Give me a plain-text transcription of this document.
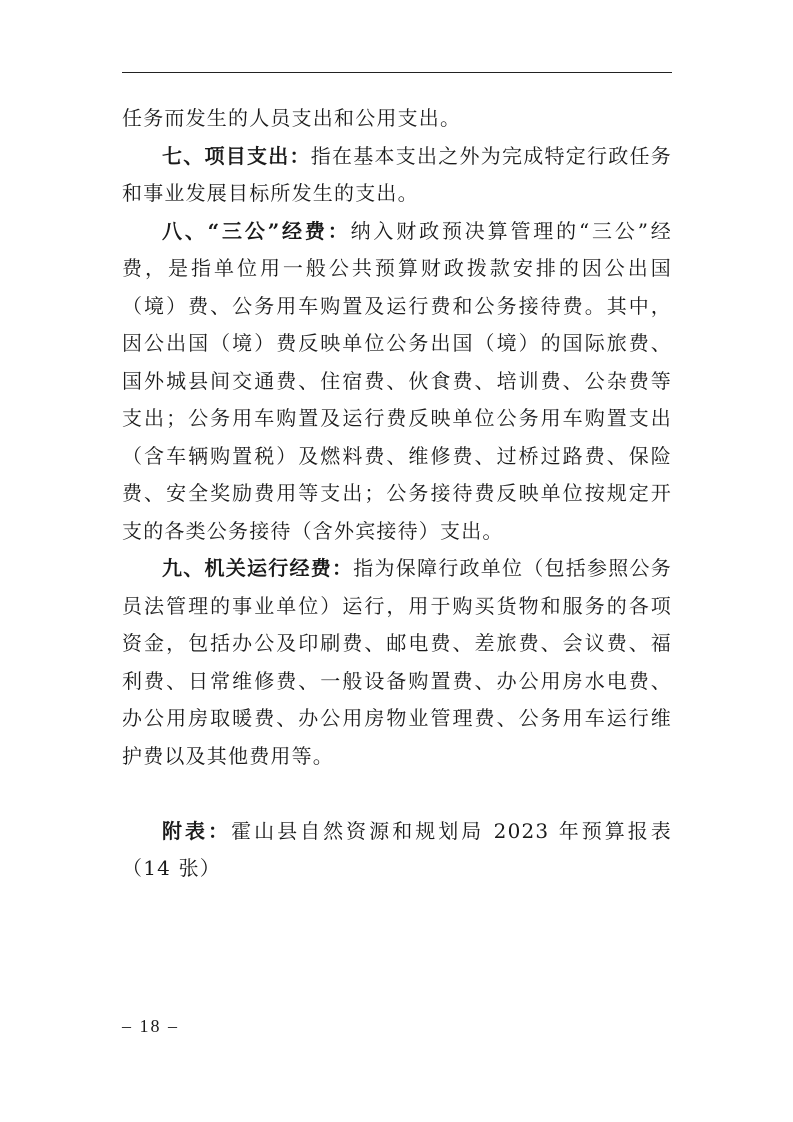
任务而发生的人员支出和公用支出。

七、项目支出：指在基本支出之外为完成特定行政任务和事业发展目标所发生的支出。

八、“三公”经费：纳入财政预决算管理的“三公”经费，是指单位用一般公共预算财政拨款安排的因公出国（境）费、公务用车购置及运行费和公务接待费。其中，因公出国（境）费反映单位公务出国（境）的国际旅费、国外城县间交通费、住宿费、伙食费、培训费、公杂费等支出；公务用车购置及运行费反映单位公务用车购置支出（含车辆购置税）及燃料费、维修费、过桥过路费、保险费、安全奖励费用等支出；公务接待费反映单位按规定开支的各类公务接待（含外宾接待）支出。

九、机关运行经费：指为保障行政单位（包括参照公务员法管理的事业单位）运行，用于购买货物和服务的各项资金，包括办公及印刷费、邮电费、差旅费、会议费、福利费、日常维修费、一般设备购置费、办公用房水电费、办公用房取暖费、办公用房物业管理费、公务用车运行维护费以及其他费用等。

附表：霍山县自然资源和规划局 2023 年预算报表（14 张）

– 18 –
